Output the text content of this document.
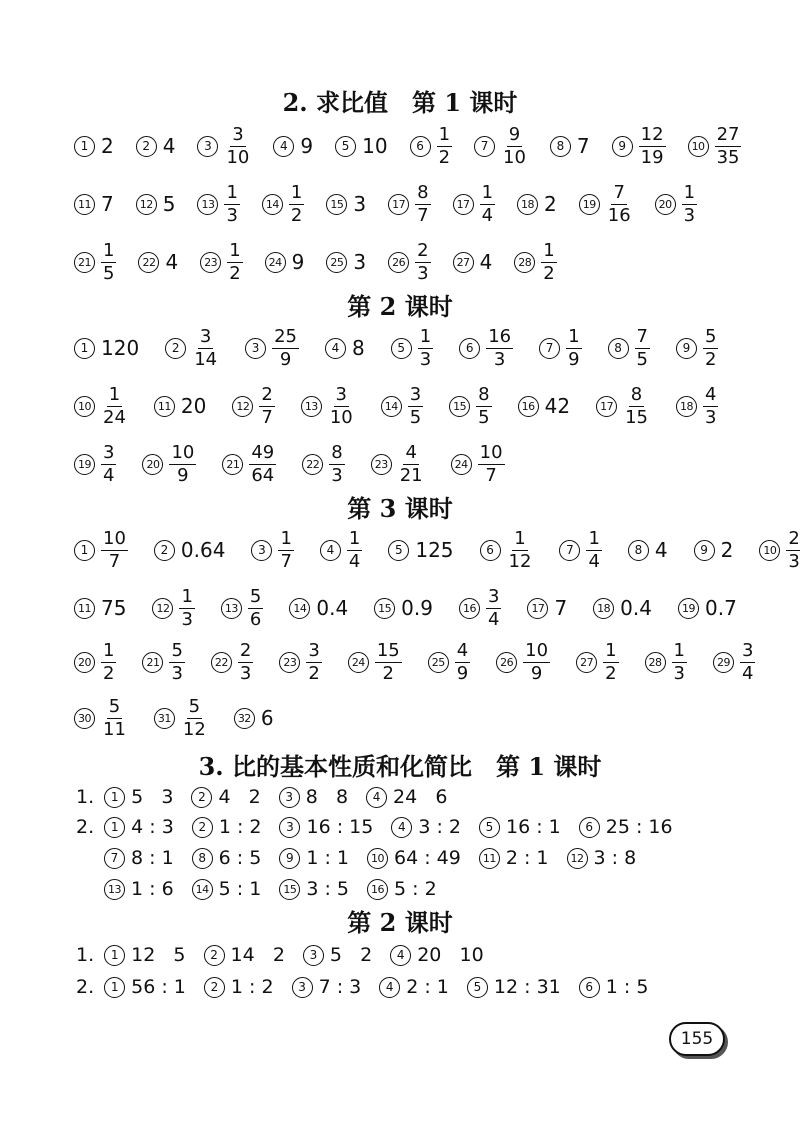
2. 求比值　第 1 课时
第 2 课时
第 3 课时
3. 比的基本性质和化简比　第 1 课时
第 2 课时
1 2	2 4	$3 \frac{3}{10}$	4 9	5 10	$6 \frac{1}{2}$	$7 \frac{9}{10}$	8 7	$9 \frac{12}{19}$	$10 \frac{27}{35}$
11 7	12 5	$13 \frac{1}{3}$	$14 \frac{1}{2}$	15 3	$17 \frac{8}{7}$	$17 \frac{1}{4}$	18 2	$19 \frac{7}{16}$	$20 \frac{1}{3}$
$21 \frac{1}{5}$	22 4	$23 \frac{1}{2}$	24 9	25 3	$26 \frac{2}{3}$	27 4	$28 \frac{1}{2}$
1 120	$2 \frac{3}{14}$	$3 \frac{25}{9}$	4 8	$5 \frac{1}{3}$	$6 \frac{16}{3}$	$7 \frac{1}{9}$	$8 \frac{7}{5}$	$9 \frac{5}{2}$
$10 \frac{1}{24}$	11 20	$12 \frac{2}{7}$	$13 \frac{3}{10}$	$14 \frac{3}{5}$	$15 \frac{8}{5}$	16 42	$17 \frac{8}{15}$	$18 \frac{4}{3}$
$19 \frac{3}{4}$	$20 \frac{10}{9}$	$21 \frac{49}{64}$	$22 \frac{8}{3}$	$23 \frac{4}{21}$	$24 \frac{10}{7}$
$1 \frac{10}{7}$	2 0.64	$3 \frac{1}{7}$	$4 \frac{1}{4}$	5 125	$6 \frac{1}{12}$	$7 \frac{1}{4}$	8 4	9 2	$10 \frac{2}{3}$
11 75	$12 \frac{1}{3}$	$13 \frac{5}{6}$	14 0.4	15 0.9	$16 \frac{3}{4}$	17 7	18 0.4	19 0.7
$20 \frac{1}{2}$	$21 \frac{5}{3}$	$22 \frac{2}{3}$	$23 \frac{3}{2}$	$24 \frac{15}{2}$	$25 \frac{4}{9}$	$26 \frac{10}{9}$	$27 \frac{1}{2}$	$28 \frac{1}{3}$	$29 \frac{3}{4}$
$30 \frac{5}{11}$	$31 \frac{5}{12}$	32 6
1.	1 5   3	2 4   2	3 8   8	4 24   6
2.	1 4 : 3	2 1 : 2	3 16 : 15	4 3 : 2	5 16 : 1	6 25 : 16
7 8 : 1	8 6 : 5	9 1 : 1	10 64 : 49	11 2 : 1	12 3 : 8
13 1 : 6	14 5 : 1	15 3 : 5	16 5 : 2
1.	1 12   5	2 14   2	3 5   2	4 20   10
2.	1 56 : 1	2 1 : 2	3 7 : 3	4 2 : 1	5 12 : 31	6 1 : 5
155
